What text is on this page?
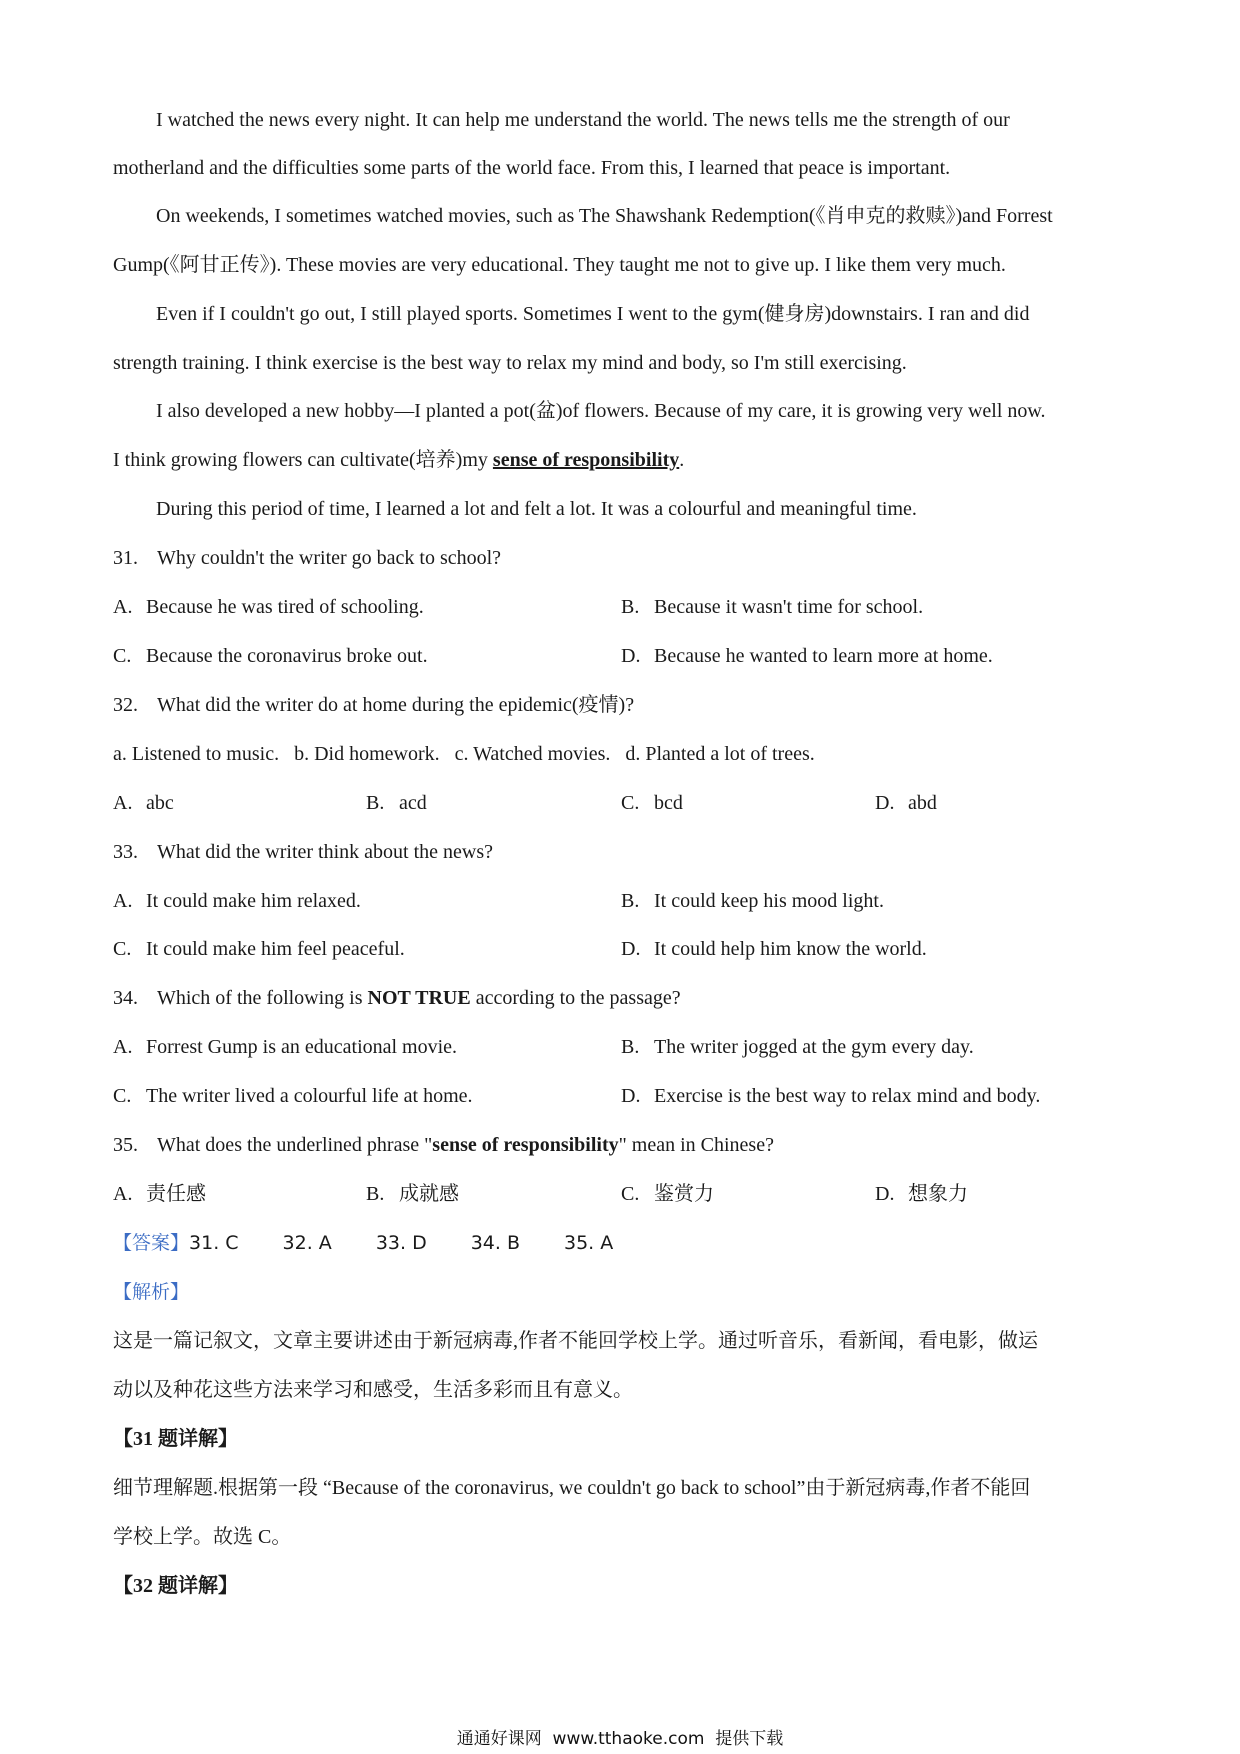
I watched the news every night. It can help me understand the world. The news tells me the strength of our
motherland and the difficulties some parts of the world face. From this, I learned that peace is important.
On weekends, I sometimes watched movies, such as The Shawshank Redemption(《肖申克的救赎》)and Forrest
Gump(《阿甘正传》). These movies are very educational. They taught me not to give up. I like them very much.
Even if I couldn't go out, I still played sports. Sometimes I went to the gym(健身房)downstairs. I ran and did
strength training. I think exercise is the best way to relax my mind and body, so I'm still exercising.
I also developed a new hobby—I planted a pot(盆)of flowers. Because of my care, it is growing very well now.
I think growing flowers can cultivate(培养)my sense of responsibility.
During this period of time, I learned a lot and felt a lot. It was a colourful and meaningful time.
31. Why couldn't the writer go back to school?
A. Because he was tired of schooling.	B. Because it wasn't time for school.
C. Because the coronavirus broke out.	D. Because he wanted to learn more at home.
32. What did the writer do at home during the epidemic(疫情)?
a. Listened to music.   b. Did homework.   c. Watched movies.   d. Planted a lot of trees.
A. abc	B. acd	C. bcd	D. abd
33. What did the writer think about the news?
A. It could make him relaxed.	B. It could keep his mood light.
C. It could make him feel peaceful.	D. It could help him know the world.
34. Which of the following is NOT TRUE according to the passage?
A. Forrest Gump is an educational movie.	B. The writer jogged at the gym every day.
C. The writer lived a colourful life at home.	D. Exercise is the best way to relax mind and body.
35. What does the underlined phrase "sense of responsibility" mean in Chinese?
A. 责任感	B. 成就感	C. 鉴赏力	D. 想象力
【答案】31. C 32. A 33. D 34. B 35. A
【解析】
这是一篇记叙文，文章主要讲述由于新冠病毒,作者不能回学校上学。通过听音乐，看新闻，看电影，做运
动以及种花这些方法来学习和感受，生活多彩而且有意义。
【31 题详解】
细节理解题.根据第一段 “Because of the coronavirus, we couldn't go back to school”由于新冠病毒,作者不能回
学校上学。故选 C。
【32 题详解】
通通好课网  www.tthaoke.com  提供下载
